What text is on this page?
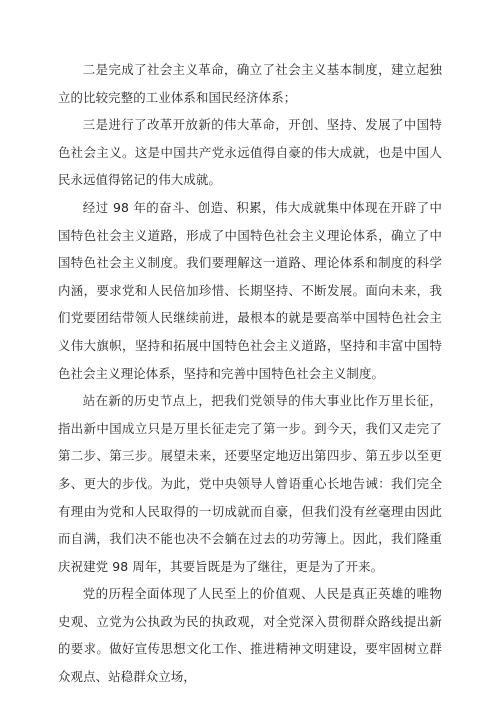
二是完成了社会主义革命，确立了社会主义基本制度，建立起独立的比较完整的工业体系和国民经济体系；

三是进行了改革开放新的伟大革命，开创、坚持、发展了中国特色社会主义。这是中国共产党永远值得自豪的伟大成就，也是中国人民永远值得铭记的伟大成就。

经过 98 年的奋斗、创造、积累，伟大成就集中体现在开辟了中国特色社会主义道路，形成了中国特色社会主义理论体系，确立了中国特色社会主义制度。我们要理解这一道路、理论体系和制度的科学内涵，要求党和人民倍加珍惜、长期坚持、不断发展。面向未来，我们党要团结带领人民继续前进，最根本的就是要高举中国特色社会主义伟大旗帜，坚持和拓展中国特色社会主义道路，坚持和丰富中国特色社会主义理论体系，坚持和完善中国特色社会主义制度。

站在新的历史节点上，把我们党领导的伟大事业比作万里长征，指出新中国成立只是万里长征走完了第一步。到今天，我们又走完了第二步、第三步。展望未来，还要坚定地迈出第四步、第五步以至更多、更大的步伐。为此，党中央领导人曾语重心长地告诫：我们完全有理由为党和人民取得的一切成就而自豪，但我们没有丝毫理由因此而自满，我们决不能也决不会躺在过去的功劳簿上。因此，我们隆重庆祝建党 98 周年，其要旨既是为了继往，更是为了开来。

党的历程全面体现了人民至上的价值观、人民是真正英雄的唯物史观、立党为公执政为民的执政观，对全党深入贯彻群众路线提出新的要求。做好宣传思想文化工作、推进精神文明建设，要牢固树立群众观点、站稳群众立场，
